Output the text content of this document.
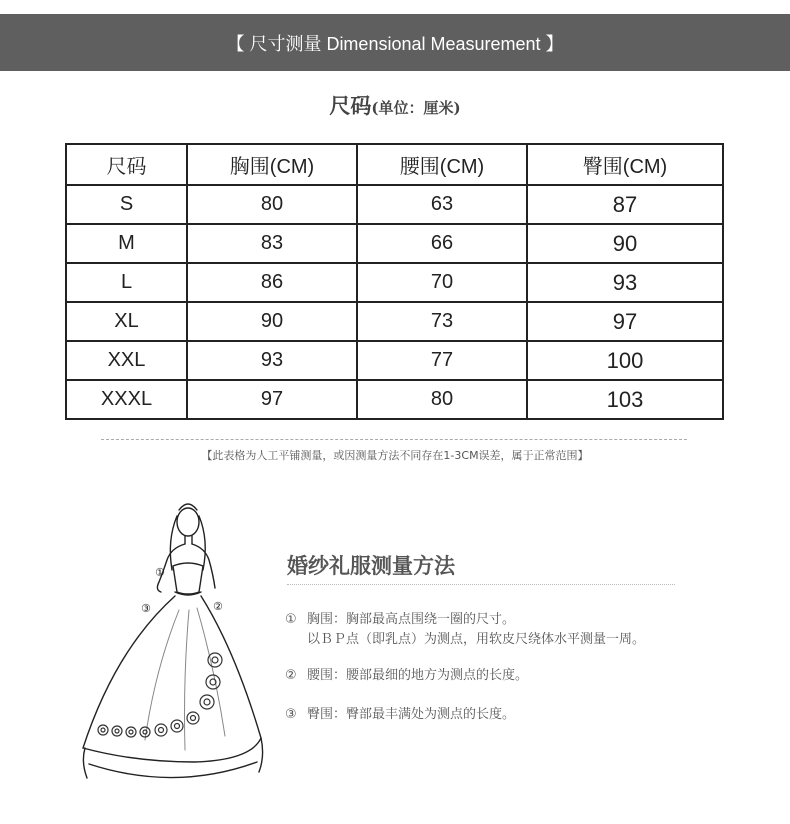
【 尺寸测量 Dimensional Measurement 】
尺码(单位：厘米)
尺码	胸围(CM)	腰围(CM)	臀围(CM)
S	80	63	87
M	83	66	90
L	86	70	93
XL	90	73	97
XXL	93	77	100
XXXL	97	80	103
【此表格为人工平铺测量，或因测量方法不同存在1-3CM误差，属于正常范围】
①
②
③
婚纱礼服测量方法
① 胸围：胸部最高点围绕一圈的尺寸。
以ＢＰ点（即乳点）为测点，用软皮尺绕体水平测量一周。
② 腰围：腰部最细的地方为测点的长度。
③ 臀围：臀部最丰满处为测点的长度。
